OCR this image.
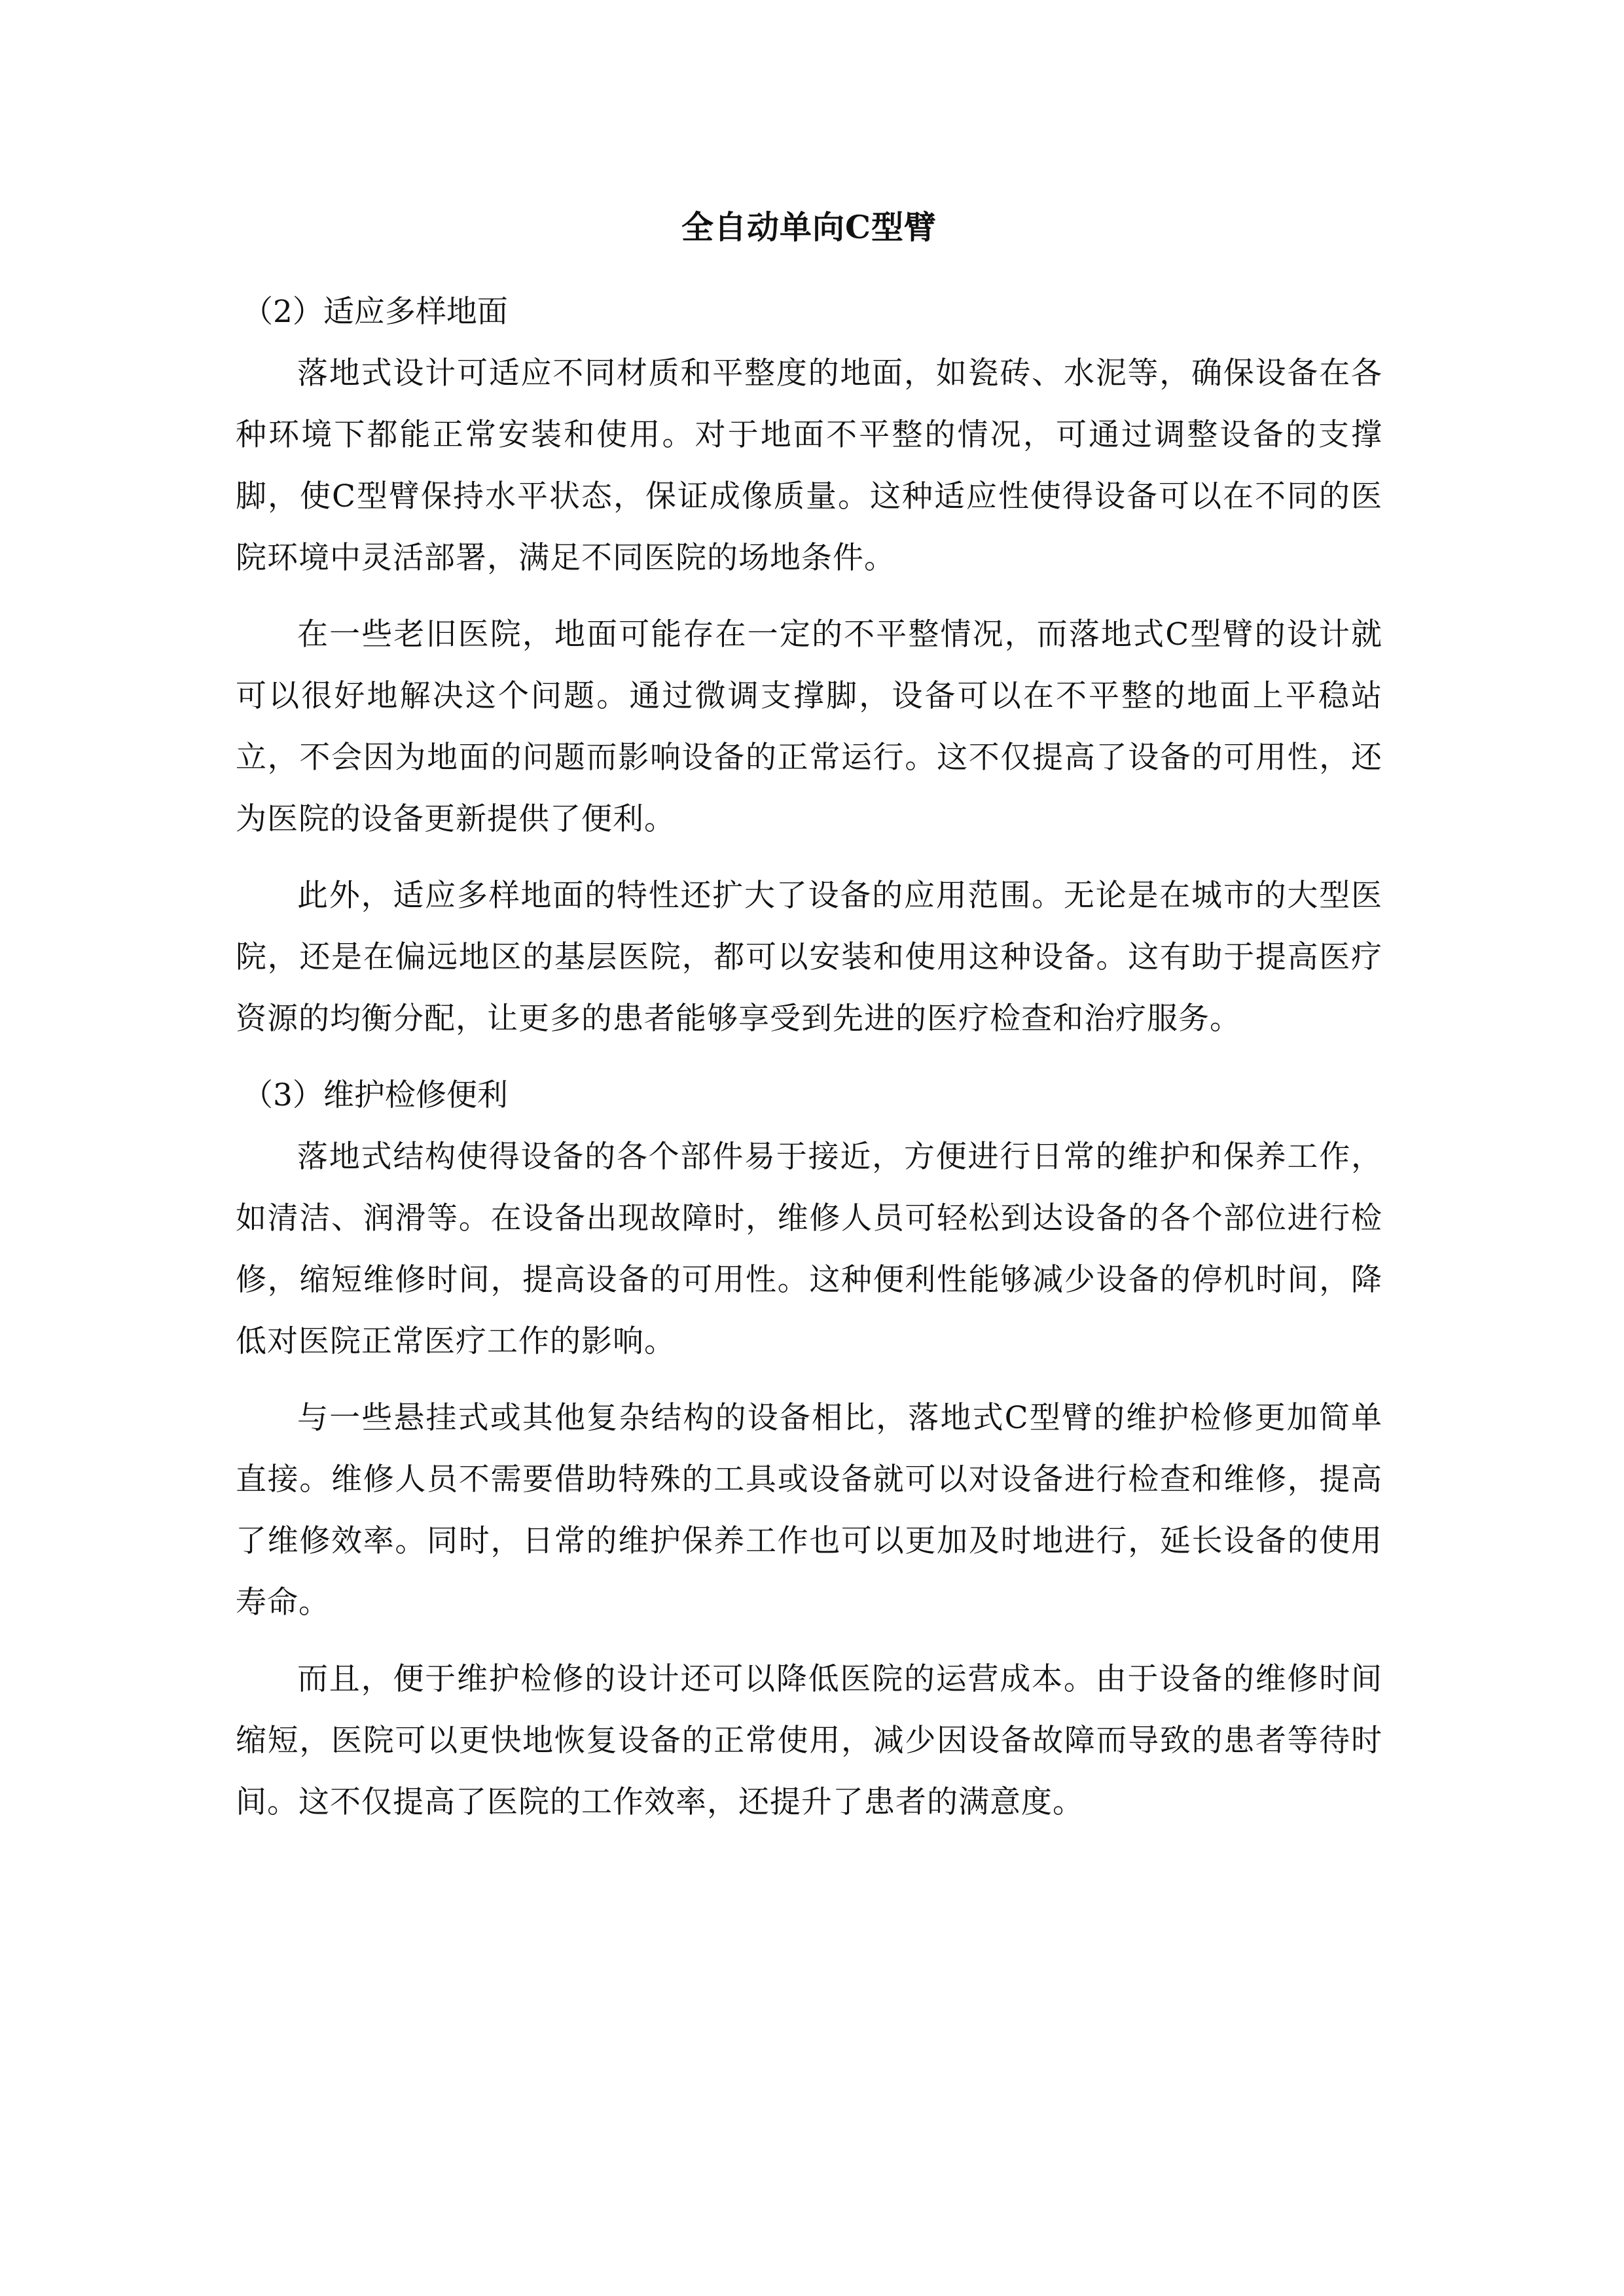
全自动单向C型臂

（2）适应多样地面

落地式设计可适应不同材质和平整度的地面，如瓷砖、水泥等，确保设备在各种环境下都能正常安装和使用。对于地面不平整的情况，可通过调整设备的支撑脚，使C型臂保持水平状态，保证成像质量。这种适应性使得设备可以在不同的医院环境中灵活部署，满足不同医院的场地条件。

在一些老旧医院，地面可能存在一定的不平整情况，而落地式C型臂的设计就可以很好地解决这个问题。通过微调支撑脚，设备可以在不平整的地面上平稳站立，不会因为地面的问题而影响设备的正常运行。这不仅提高了设备的可用性，还为医院的设备更新提供了便利。

此外，适应多样地面的特性还扩大了设备的应用范围。无论是在城市的大型医院，还是在偏远地区的基层医院，都可以安装和使用这种设备。这有助于提高医疗资源的均衡分配，让更多的患者能够享受到先进的医疗检查和治疗服务。

（3）维护检修便利

落地式结构使得设备的各个部件易于接近，方便进行日常的维护和保养工作，如清洁、润滑等。在设备出现故障时，维修人员可轻松到达设备的各个部位进行检修，缩短维修时间，提高设备的可用性。这种便利性能够减少设备的停机时间，降低对医院正常医疗工作的影响。

与一些悬挂式或其他复杂结构的设备相比，落地式C型臂的维护检修更加简单直接。维修人员不需要借助特殊的工具或设备就可以对设备进行检查和维修，提高了维修效率。同时，日常的维护保养工作也可以更加及时地进行，延长设备的使用寿命。

而且，便于维护检修的设计还可以降低医院的运营成本。由于设备的维修时间缩短，医院可以更快地恢复设备的正常使用，减少因设备故障而导致的患者等待时间。这不仅提高了医院的工作效率，还提升了患者的满意度。
